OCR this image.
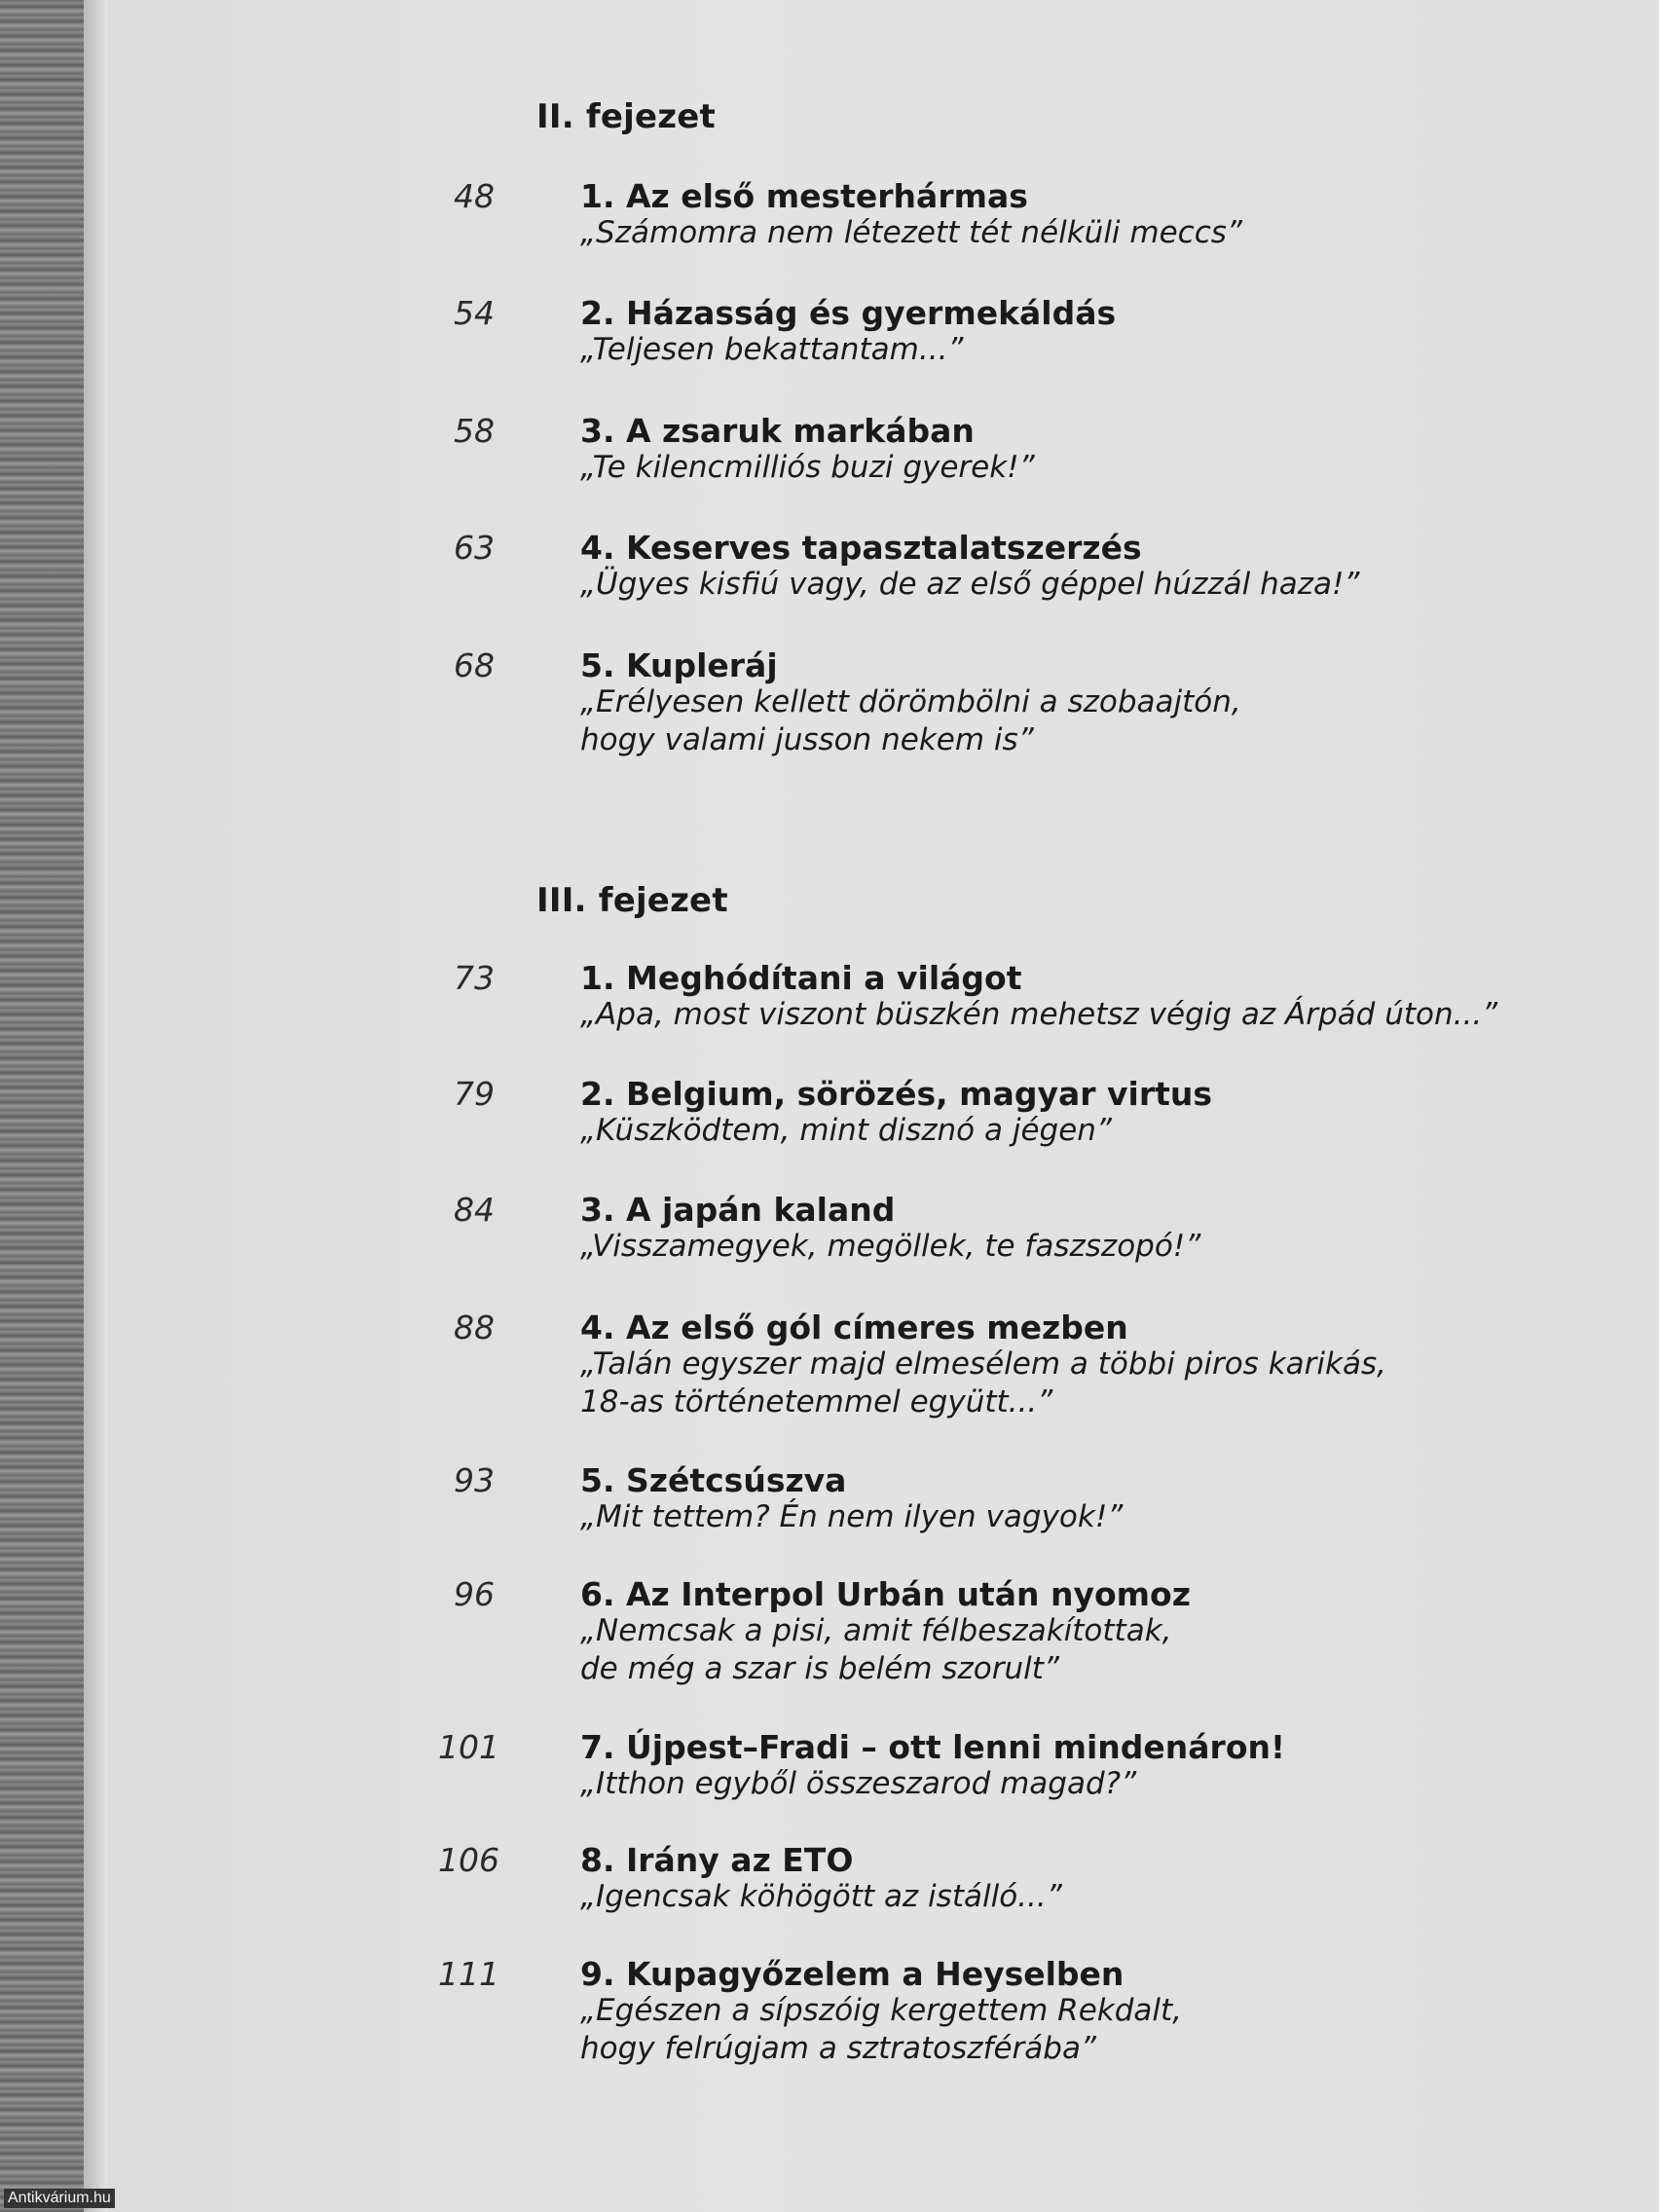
II. fejezet
48	1. Az első mesterhármas
„Számomra nem létezett tét nélküli meccs”
54	2. Házasság és gyermekáldás
„Teljesen bekattantam...”
58	3. A zsaruk markában
„Te kilencmilliós buzi gyerek!”
63	4. Keserves tapasztalatszerzés
„Ügyes kisfiú vagy, de az első géppel húzzál haza!”
68	5. Kupleráj
„Erélyesen kellett dörömbölni a szobaajtón,
hogy valami jusson nekem is”
III. fejezet
73	1. Meghódítani a világot
„Apa, most viszont büszkén mehetsz végig az Árpád úton...”
79	2. Belgium, sörözés, magyar virtus
„Küszködtem, mint disznó a jégen”
84	3. A japán kaland
„Visszamegyek, megöllek, te faszszopó!”
88	4. Az első gól címeres mezben
„Talán egyszer majd elmesélem a többi piros karikás,
18-as történetemmel együtt...”
93	5. Szétcsúszva
„Mit tettem? Én nem ilyen vagyok!”
96	6. Az Interpol Urbán után nyomoz
„Nemcsak a pisi, amit félbeszakítottak,
de még a szar is belém szorult”
101	7. Újpest–Fradi – ott lenni mindenáron!
„Itthon egyből összeszarod magad?”
106	8. Irány az ETO
„Igencsak köhögött az istálló...”
111	9. Kupagyőzelem a Heyselben
„Egészen a sípszóig kergettem Rekdalt,
hogy felrúgjam a sztratoszférába”
Antikvárium.hu
